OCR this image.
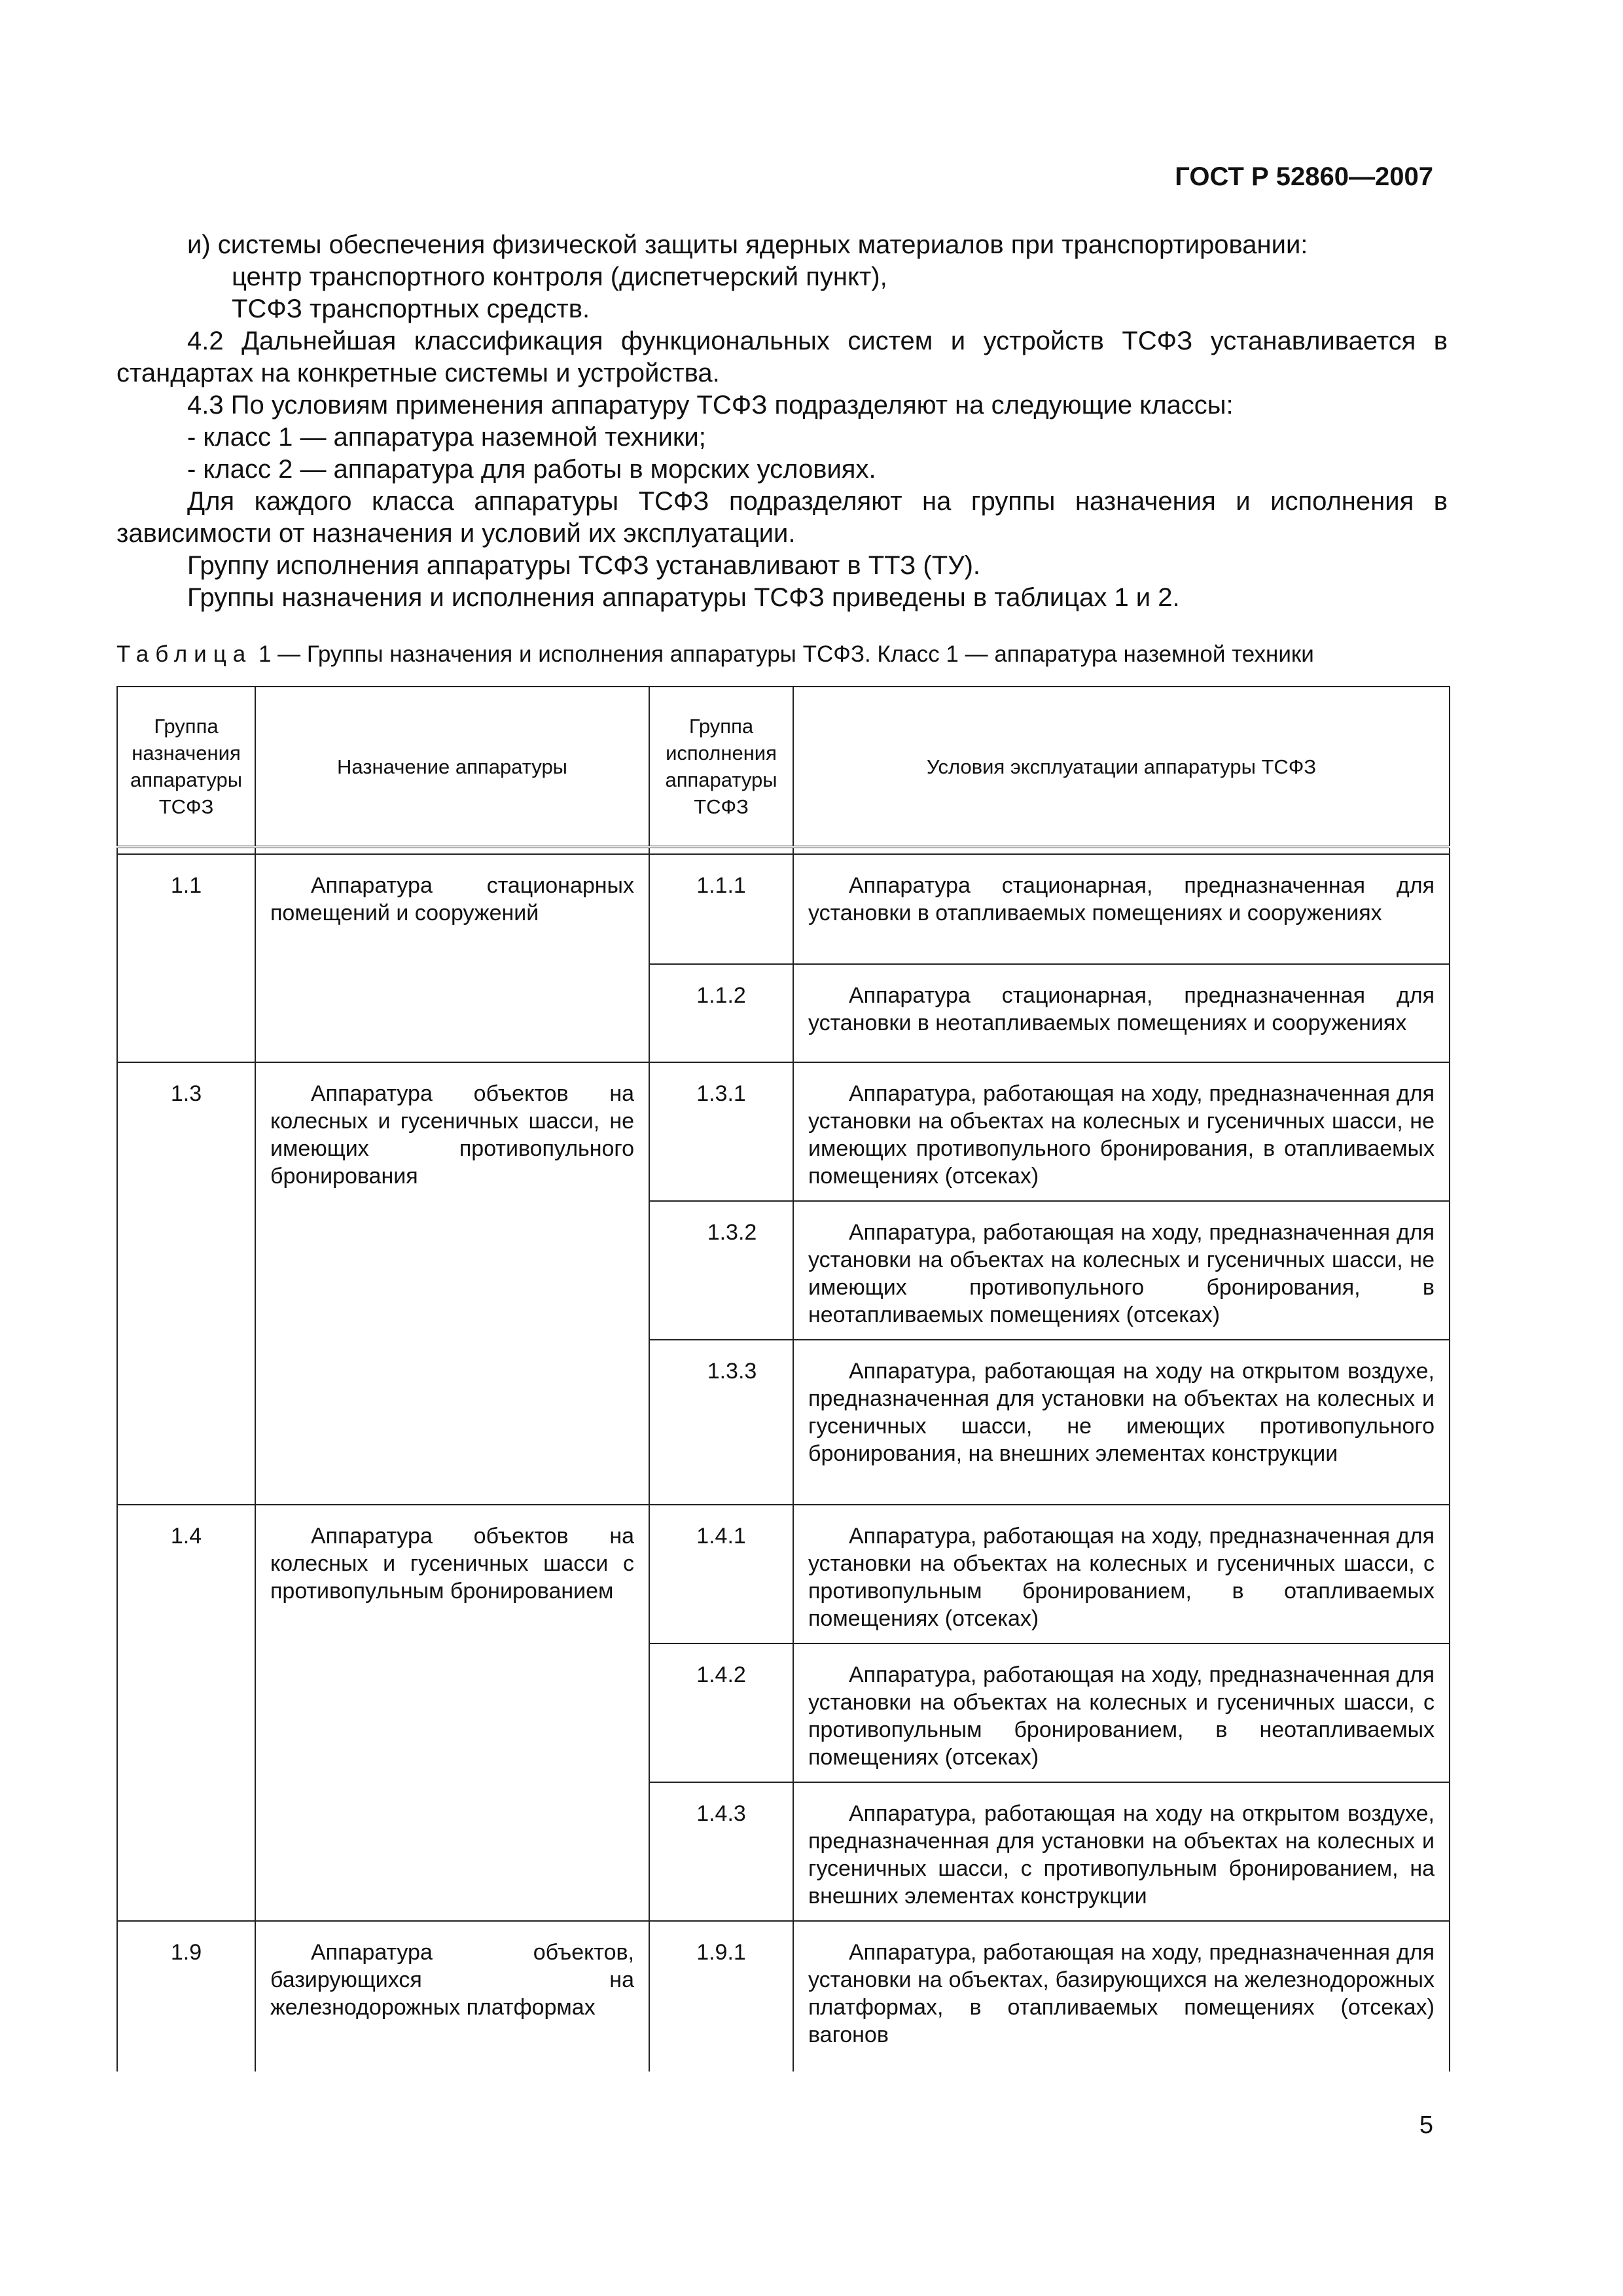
ГОСТ Р 52860—2007
и) системы обеспечения физической защиты ядерных материалов при транспортировании:
центр транспортного контроля (диспетчерский пункт),
ТСФЗ транспортных средств.
4.2 Дальнейшая классификация функциональных систем и устройств ТСФЗ устанавливается в стандартах на конкретные системы и устройства.
4.3 По условиям применения аппаратуру ТСФЗ подразделяют на следующие классы:
- класс 1 — аппаратура наземной техники;
- класс 2 — аппаратура для работы в морских условиях.
Для каждого класса аппаратуры ТСФЗ подразделяют на группы назначения и исполнения в зависимости от назначения и условий их эксплуатации.
Группу исполнения аппаратуры ТСФЗ устанавливают в ТТЗ (ТУ).
Группы назначения и исполнения аппаратуры ТСФЗ приведены в таблицах 1 и 2.
Таблица 1 — Группы назначения и исполнения аппаратуры ТСФЗ. Класс 1 — аппаратура наземной техники
Группа назначения аппаратуры ТСФЗ	Назначение аппаратуры	Группа исполнения аппаратуры ТСФЗ	Условия эксплуатации аппаратуры ТСФЗ

1.1	Аппаратура стационарных помещений и сооружений	1.1.1	Аппаратура стационарная, предназначенная для установки в отапливаемых помещениях и сооружениях
		1.1.2	Аппаратура стационарная, предназначенная для установки в неотапливаемых помещениях и сооружениях
1.3	Аппаратура объектов на колесных и гусеничных шасси, не имеющих противопульного бронирования	1.3.1	Аппаратура, работающая на ходу, предназначенная для установки на объектах на колесных и гусеничных шасси, не имеющих противопульного бронирования, в отапливаемых помещениях (отсеках)
		1.3.2	Аппаратура, работающая на ходу, предназначенная для установки на объектах на колесных и гусеничных шасси, не имеющих противопульного бронирования, в неотапливаемых помещениях (отсеках)
		1.3.3	Аппаратура, работающая на ходу на открытом воздухе, предназначенная для установки на объектах на колесных и гусеничных шасси, не имеющих противопульного бронирования, на внешних элементах конструкции
1.4	Аппаратура объектов на колесных и гусеничных шасси с противопульным бронированием	1.4.1	Аппаратура, работающая на ходу, предназначенная для установки на объектах на колесных и гусеничных шасси, с противопульным бронированием, в отапливаемых помещениях (отсеках)
		1.4.2	Аппаратура, работающая на ходу, предназначенная для установки на объектах на колесных и гусеничных шасси, с противопульным бронированием, в неотапливаемых помещениях (отсеках)
		1.4.3	Аппаратура, работающая на ходу на открытом воздухе, предназначенная для установки на объектах на колесных и гусеничных шасси, с противопульным бронированием, на внешних элементах конструкции
1.9	Аппаратура объектов, базирующихся на железнодорожных платформах	1.9.1	Аппаратура, работающая на ходу, предназначенная для установки на объектах, базирующихся на железнодорожных платформах, в отапливаемых помещениях (отсеках) вагонов
5
